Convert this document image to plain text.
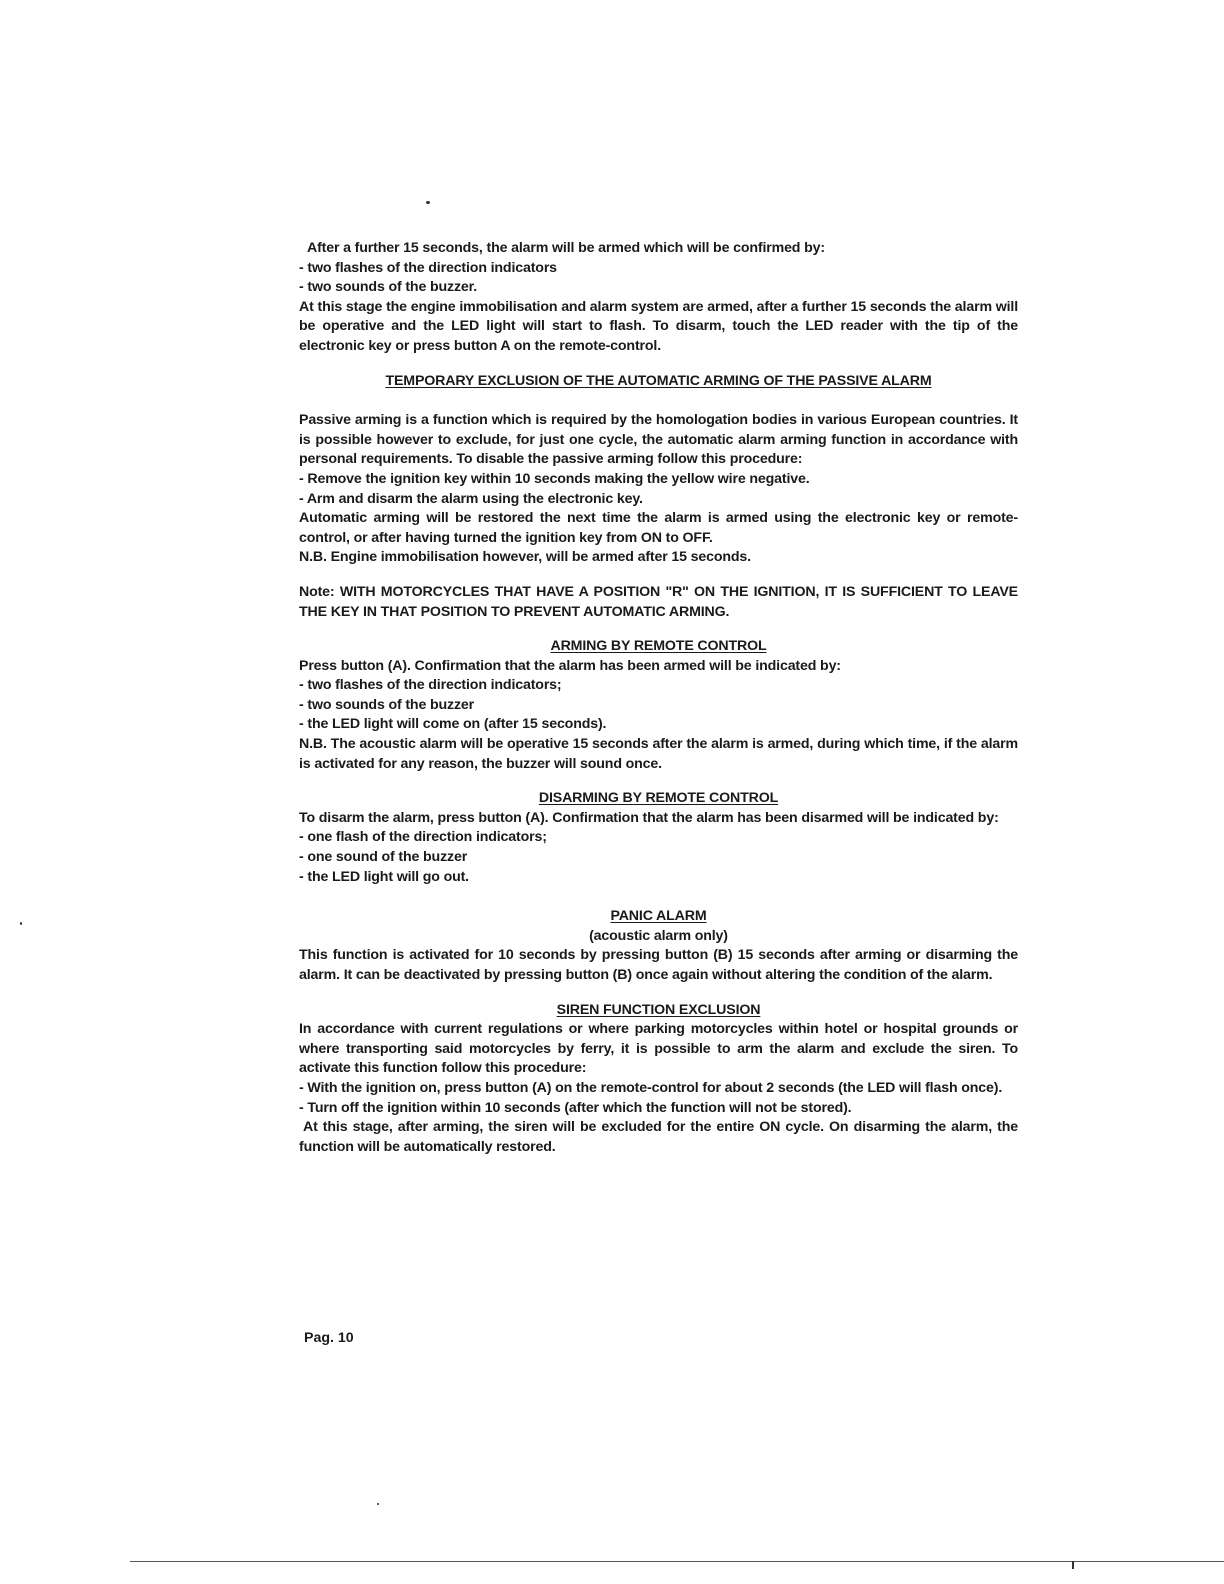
After a further 15 seconds, the alarm will be armed which will be confirmed by:

- two flashes of the direction indicators

- two sounds of the buzzer.

At this stage the engine immobilisation and alarm system are armed, after a further 15 seconds the alarm will be operative and the LED light will start to flash. To disarm, touch the LED reader with the tip of the electronic key or press button A on the remote-control.

TEMPORARY EXCLUSION OF THE AUTOMATIC ARMING OF THE PASSIVE ALARM

Passive arming is a function which is required by the homologation bodies in various European countries. It is possible however to exclude, for just one cycle, the automatic alarm arming function in accordance with personal requirements. To disable the passive arming follow this procedure:

- Remove the ignition key within 10 seconds making the yellow wire negative.

- Arm and disarm the alarm using the electronic key.

Automatic arming will be restored the next time the alarm is armed using the electronic key or remote-control, or after having turned the ignition key from ON to OFF.

N.B. Engine immobilisation however, will be armed after 15 seconds.

Note: WITH MOTORCYCLES THAT HAVE A POSITION "R" ON THE IGNITION, IT IS SUFFICIENT TO LEAVE THE KEY IN THAT POSITION TO PREVENT AUTOMATIC ARMING.

ARMING BY REMOTE CONTROL

Press button (A). Confirmation that the alarm has been armed will be indicated by:

- two flashes of the direction indicators;

- two sounds of the buzzer

- the LED light will come on (after 15 seconds).

N.B. The acoustic alarm will be operative 15 seconds after the alarm is armed, during which time, if the alarm is activated for any reason, the buzzer will sound once.

DISARMING BY REMOTE CONTROL

To disarm the alarm, press button (A). Confirmation that the alarm has been disarmed will be indicated by:

- one flash of the direction indicators;

- one sound of the buzzer

- the LED light will go out.

PANIC ALARM

(acoustic alarm only)

This function is activated for 10 seconds by pressing button (B) 15 seconds after arming or disarming the alarm. It can be deactivated by pressing button (B) once again without altering the condition of the alarm.

SIREN FUNCTION EXCLUSION

In accordance with current regulations or where parking motorcycles within hotel or hospital grounds or where transporting said motorcycles by ferry, it is possible to arm the alarm and exclude the siren. To activate this function follow this procedure:

- With the ignition on, press button (A) on the remote-control for about 2 seconds (the LED will flash once).

- Turn off the ignition within 10 seconds (after which the function will not be stored).

At this stage, after arming, the siren will be excluded for the entire ON cycle. On disarming the alarm, the function will be automatically restored.

Pag. 10
